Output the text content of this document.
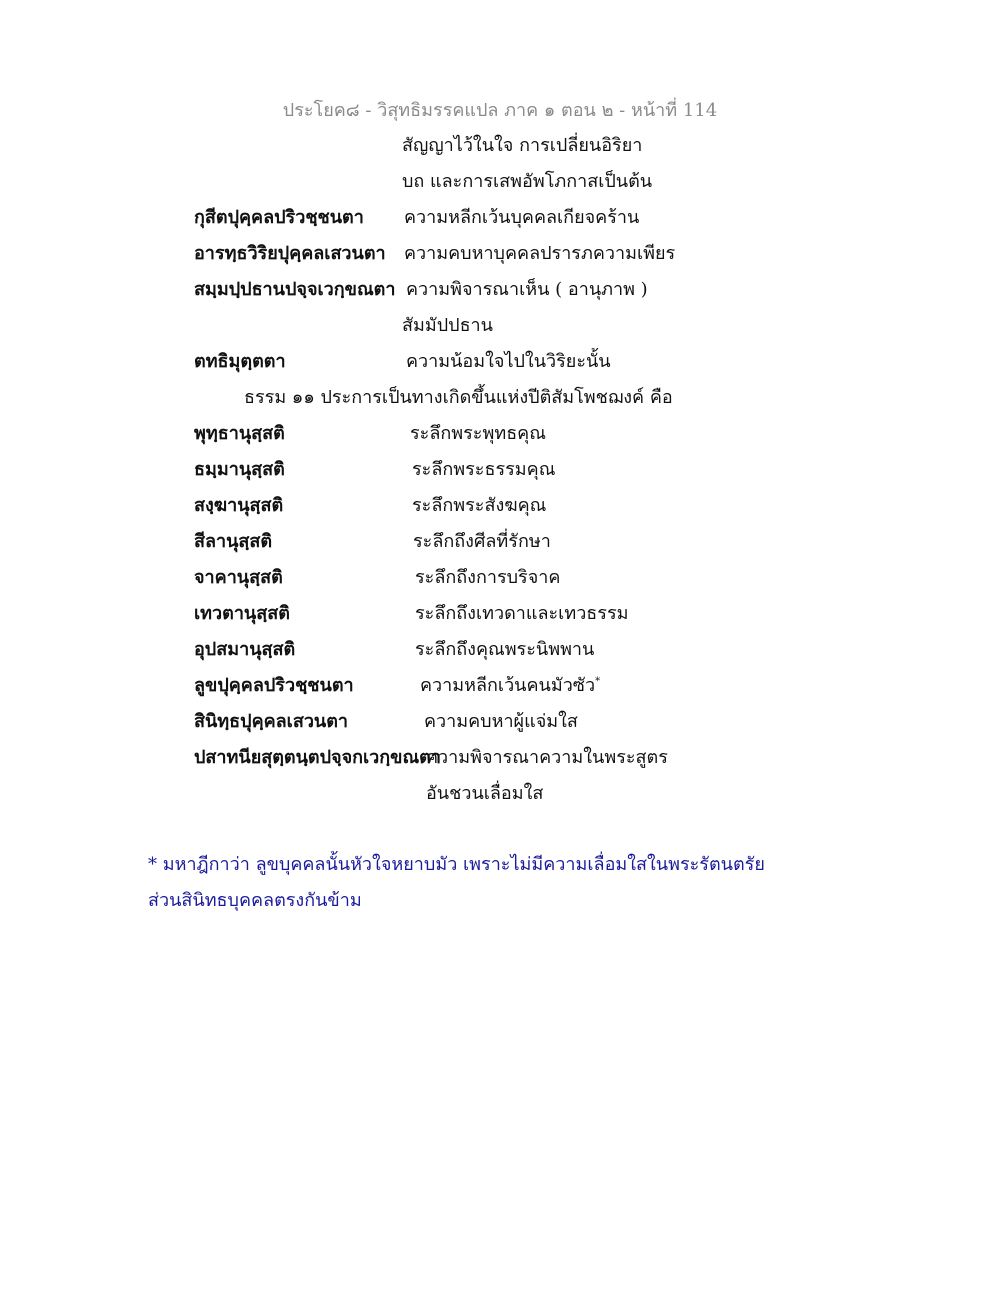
ประโยค๘ - วิสุทธิมรรคแปล ภาค ๑ ตอน ๒ - หน้าที่ 114
สัญญาไว้ในใจ การเปลี่ยนอิริยา
บถ และการเสพอัพโภกาสเป็นต้น
กุสีตปุคฺคลปริวชฺชนตา ความหลีกเว้นบุคคลเกียจคร้าน
อารทฺธวิริยปุคฺคลเสวนตา ความคบหาบุคคลปรารภความเพียร
สมฺมปฺปธานปจฺจเวกฺขณตา ความพิจารณาเห็น ( อานุภาพ )
สัมมัปปธาน
ตทธิมุตฺตตา	ความน้อมใจไปในวิริยะนั้น
ธรรม ๑๑ ประการเป็นทางเกิดขึ้นแห่งปีติสัมโพชฌงค์ คือ
พุทฺธานุสฺสติ	ระลึกพระพุทธคุณ
ธมฺมานุสฺสติ	ระลึกพระธรรมคุณ
สงฺฆานุสฺสติ	ระลึกพระสังฆคุณ
สีลานุสฺสติ	ระลึกถึงศีลที่รักษา
จาคานุสฺสติ	ระลึกถึงการบริจาค
เทวตานุสฺสติ	ระลึกถึงเทวดาและเทวธรรม
อุปสมานุสฺสติ	ระลึกถึงคุณพระนิพพาน
ลูขปุคฺคลปริวชฺชนตา	ความหลีกเว้นคนมัวซัว*
สินิทฺธปุคฺคลเสวนตา	ความคบหาผู้แจ่มใส
ปสาทนียสุตฺตนฺตปจฺจกเวกฺขณตา
ความพิจารณาความในพระสูตร
อันชวนเลื่อมใส
* มหาฎีกาว่า ลูขบุคคลนั้นหัวใจหยาบมัว เพราะไม่มีความเลื่อมใสในพระรัตนตรัย
ส่วนสินิทธบุคคลตรงกันข้าม
